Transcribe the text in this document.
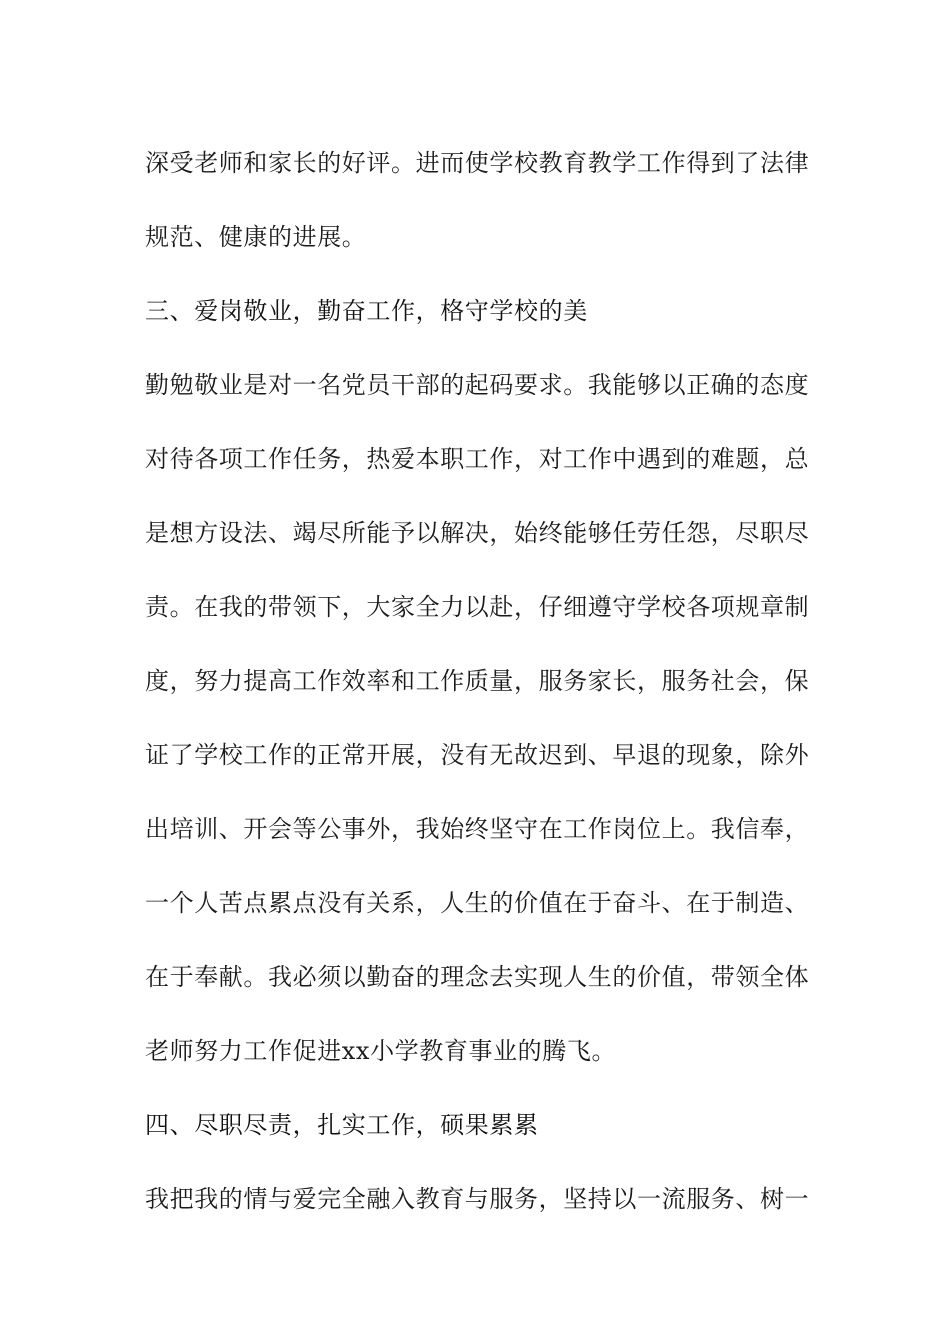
深受老师和家长的好评。进而使学校教育教学工作得到了法律
规范、健康的进展。
三、爱岗敬业，勤奋工作，格守学校的美
勤勉敬业是对一名党员干部的起码要求。我能够以正确的态度
对待各项工作任务，热爱本职工作，对工作中遇到的难题，总
是想方设法、竭尽所能予以解决，始终能够任劳任怨，尽职尽
责。在我的带领下，大家全力以赴，仔细遵守学校各项规章制
度，努力提高工作效率和工作质量，服务家长，服务社会，保
证了学校工作的正常开展，没有无故迟到、早退的现象，除外
出培训、开会等公事外，我始终坚守在工作岗位上。我信奉，
一个人苦点累点没有关系，人生的价值在于奋斗、在于制造、
在于奉献。我必须以勤奋的理念去实现人生的价值，带领全体
老师努力工作促进xx小学教育事业的腾飞。
四、尽职尽责，扎实工作，硕果累累
我把我的情与爱完全融入教育与服务，坚持以一流服务、树一
